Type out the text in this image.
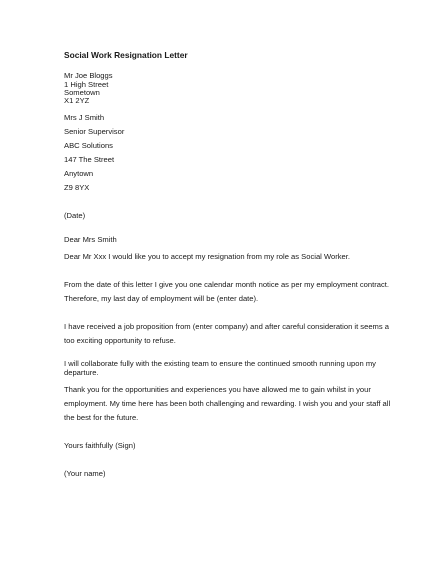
Social Work Resignation Letter

Mr Joe Bloggs

1 High Street

Sometown

X1 2YZ

Mrs J Smith

Senior Supervisor

ABC Solutions

147 The Street

Anytown

Z9 8YX

(Date)

Dear Mrs Smith

Dear Mr Xxx I would like you to accept my resignation from my role as Social Worker.

From the date of this letter I give you one calendar month notice as per my employment contract.

Therefore, my last day of employment will be (enter date).

I have received a job proposition from (enter company) and after careful consideration it seems a

too exciting opportunity to refuse.

I will collaborate fully with the existing team to ensure the continued smooth running upon my

departure.

Thank you for the opportunities and experiences you have allowed me to gain whilst in your

employment. My time here has been both challenging and rewarding. I wish you and your staff all

the best for the future.

Yours faithfully (Sign)

(Your name)
